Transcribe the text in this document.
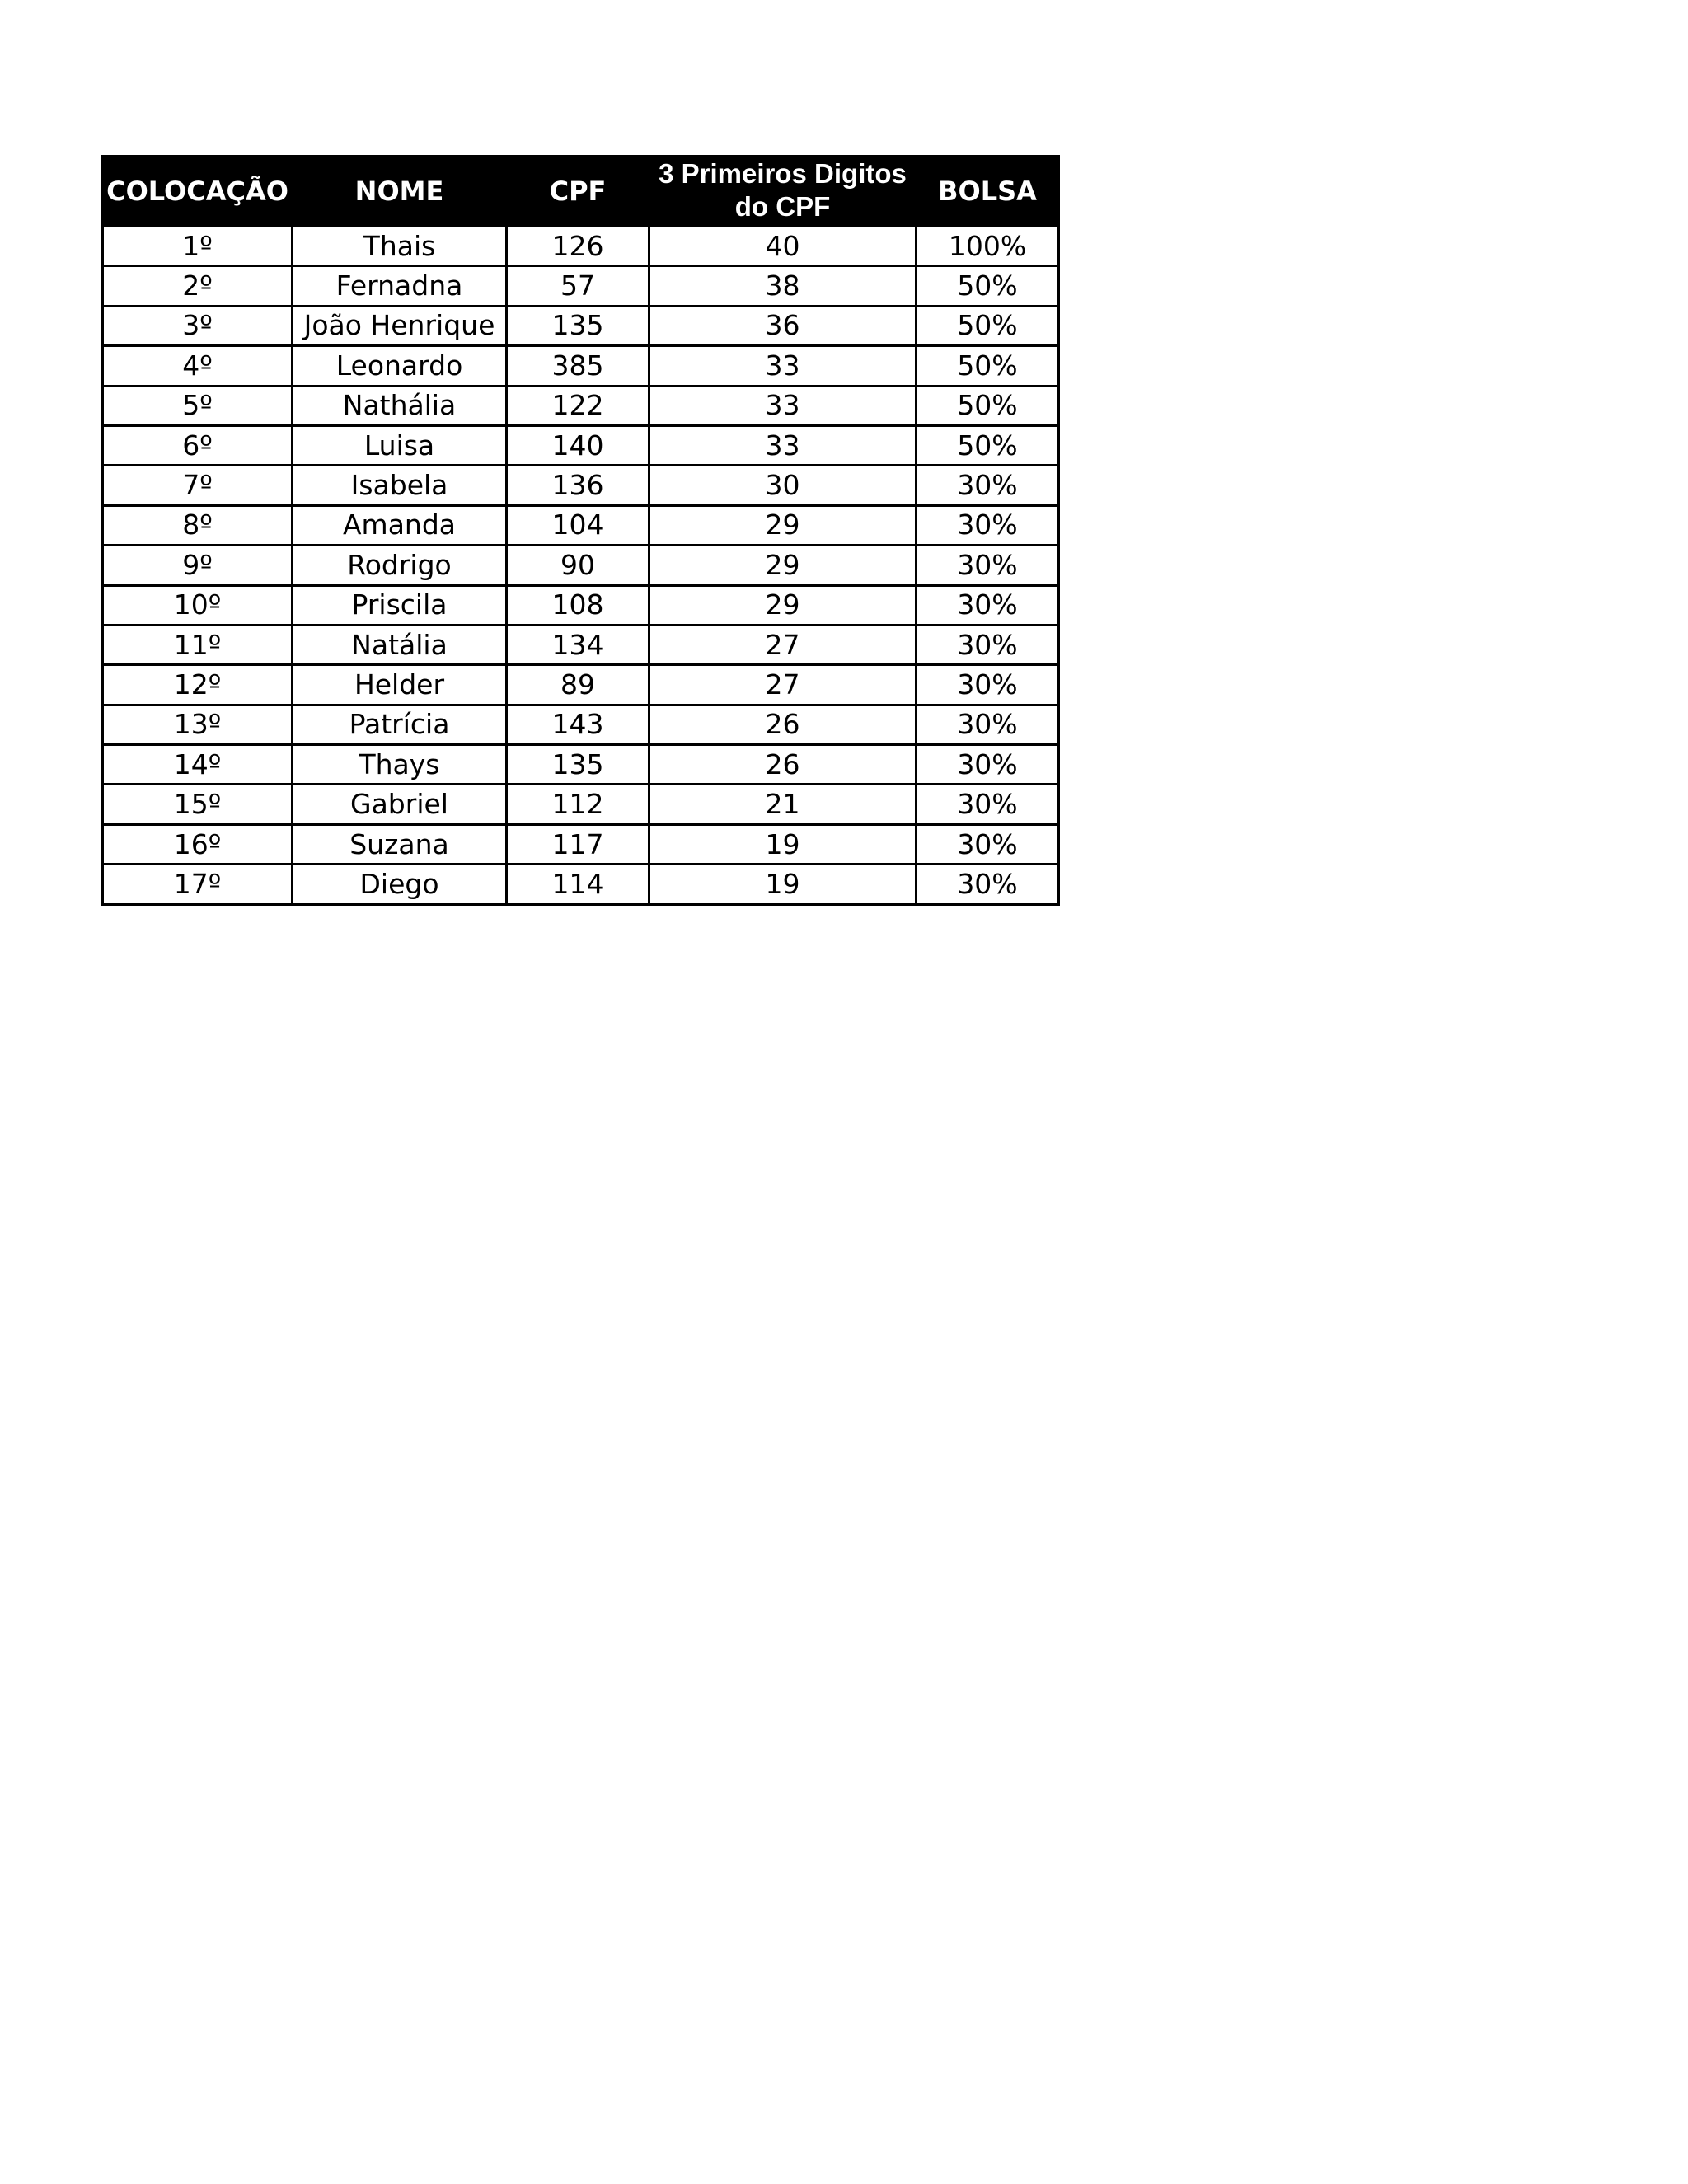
COLOCAÇÃO	NOME	CPF	3 Primeiros Digitos do CPF	BOLSA
1º	Thais	126	40	100%
2º	Fernadna	57	38	50%
3º	João Henrique	135	36	50%
4º	Leonardo	385	33	50%
5º	Nathália	122	33	50%
6º	Luisa	140	33	50%
7º	Isabela	136	30	30%
8º	Amanda	104	29	30%
9º	Rodrigo	90	29	30%
10º	Priscila	108	29	30%
11º	Natália	134	27	30%
12º	Helder	89	27	30%
13º	Patrícia	143	26	30%
14º	Thays	135	26	30%
15º	Gabriel	112	21	30%
16º	Suzana	117	19	30%
17º	Diego	114	19	30%
